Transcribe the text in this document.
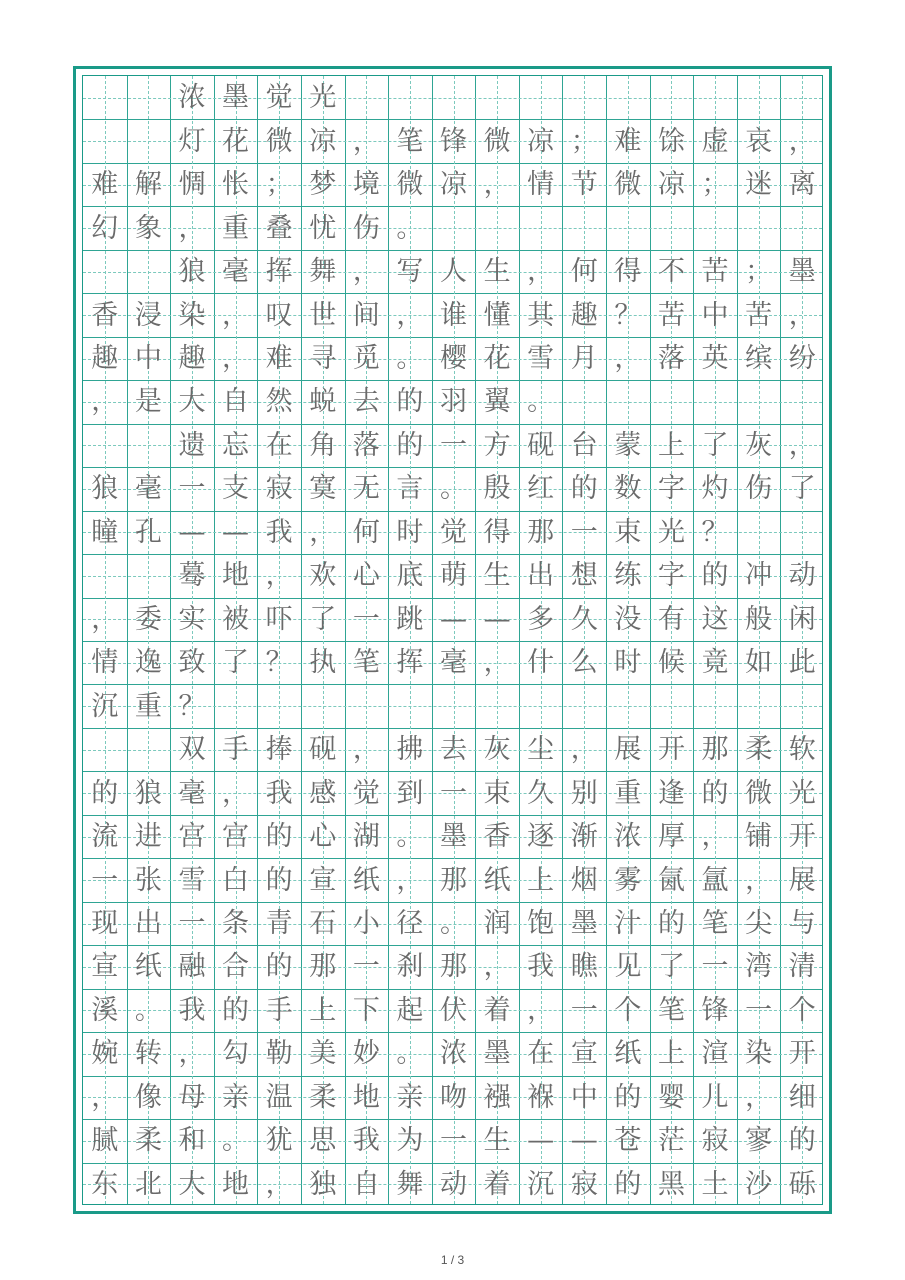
浓 墨 觉 光
灯 花 微 凉 ， 笔 锋 微 凉 ； 难 馀 虚 哀 ，
难 解 惆 怅 ； 梦 境 微 凉 ， 情 节 微 凉 ； 迷 离
幻 象 ， 重 叠 忧 伤 。
狼 毫 挥 舞 ， 写 人 生 ， 何 得 不 苦 ； 墨
香 浸 染 ， 叹 世 间 ， 谁 懂 其 趣 ？ 苦 中 苦 ，
趣 中 趣 ， 难 寻 觅 。 樱 花 雪 月 ， 落 英 缤 纷
， 是 大 自 然 蜕 去 的 羽 翼 。
遗 忘 在 角 落 的 一 方 砚 台 蒙 上 了 灰 ，
狼 毫 一 支 寂 寞 无 言 。 殷 红 的 数 字 灼 伤 了
瞳 孔 — — 我 ， 何 时 觉 得 那 一 束 光 ？
蓦 地 ， 欢 心 底 萌 生 出 想 练 字 的 冲 动
， 委 实 被 吓 了 一 跳 — — 多 久 没 有 这 般 闲
情 逸 致 了 ？ 执 笔 挥 毫 ， 什 么 时 候 竟 如 此
沉 重 ？
双 手 捧 砚 ， 拂 去 灰 尘 ， 展 开 那 柔 软
的 狼 毫 ， 我 感 觉 到 一 束 久 别 重 逢 的 微 光
流 进 宫 宫 的 心 湖 。 墨 香 逐 渐 浓 厚 ， 铺 开
一 张 雪 白 的 宣 纸 ， 那 纸 上 烟 雾 氤 氲 ， 展
现 出 一 条 青 石 小 径 。 润 饱 墨 汁 的 笔 尖 与
宣 纸 融 合 的 那 一 刹 那 ， 我 瞧 见 了 一 湾 清
溪 。 我 的 手 上 下 起 伏 着 ， 一 个 笔 锋 一 个
婉 转 ， 勾 勒 美 妙 。 浓 墨 在 宣 纸 上 渲 染 开
， 像 母 亲 温 柔 地 亲 吻 襁 褓 中 的 婴 儿 ， 细
腻 柔 和 。 犹 思 我 为 一 生 — — 苍 茫 寂 寥 的
东 北 大 地 ， 独 自 舞 动 着 沉 寂 的 黑 土 沙 砾
1 / 3
